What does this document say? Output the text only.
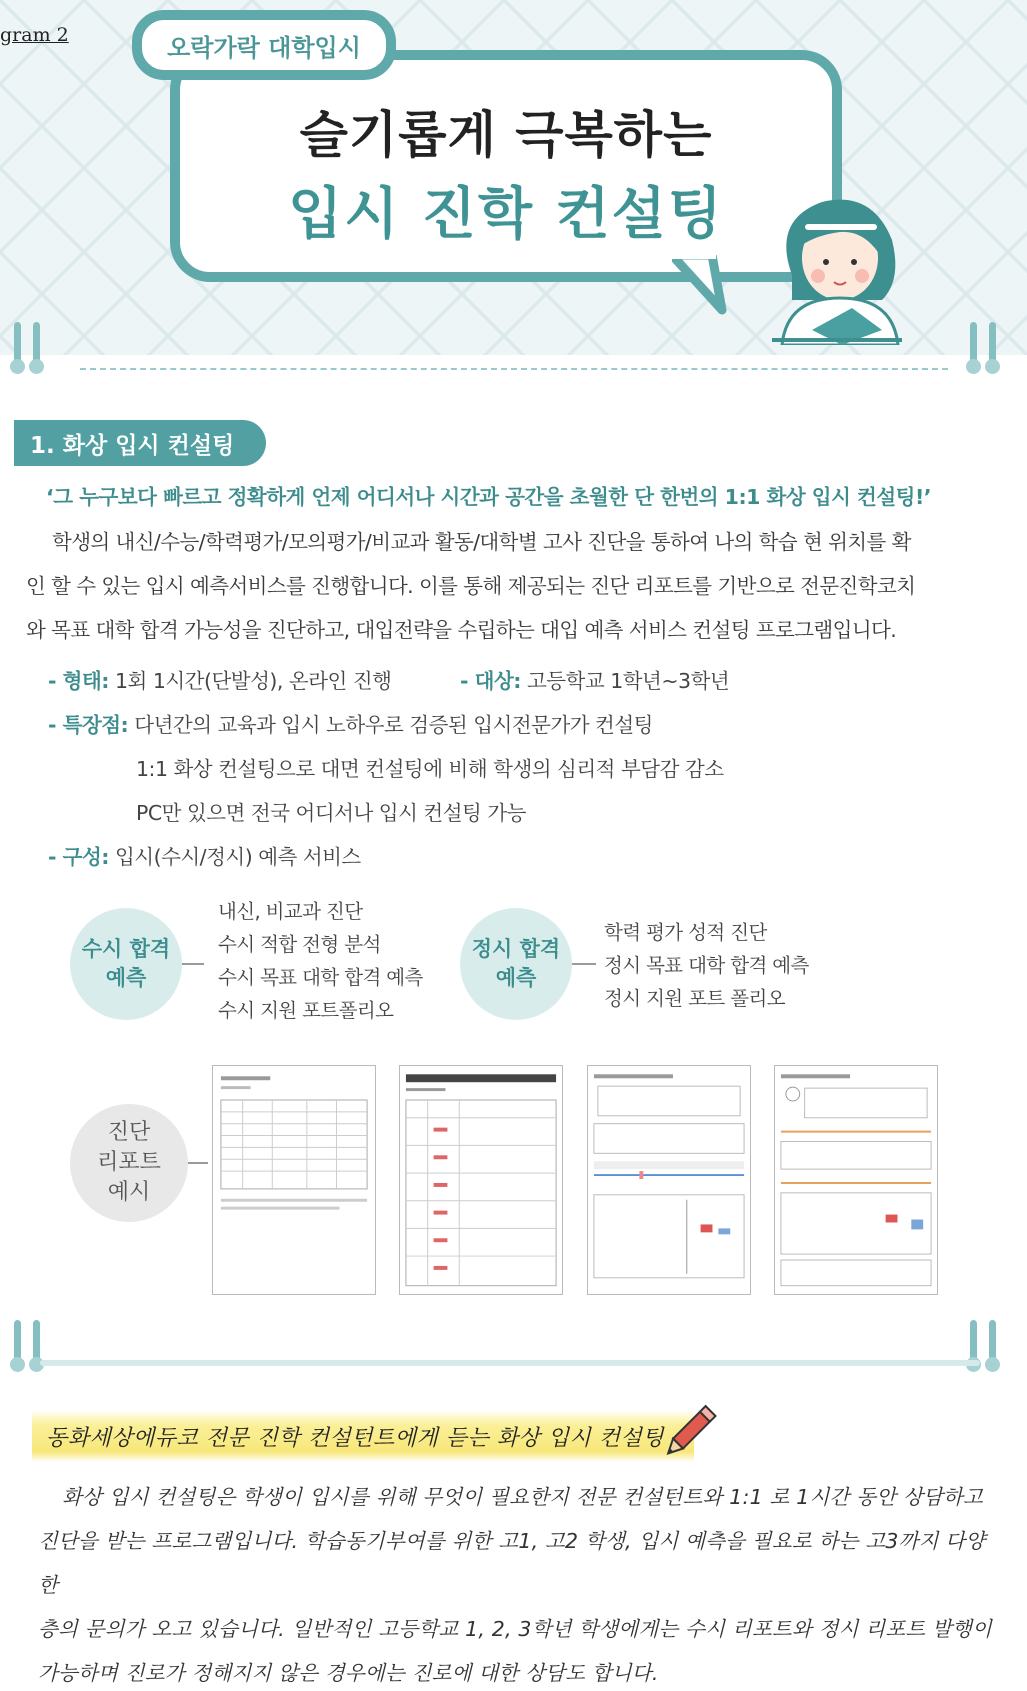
gram 2	오락가락 대학입시
슬기롭게 극복하는
입시 진학 컨설팅
1. 화상 입시 컨설팅
‘그 누구보다 빠르고 정확하게 언제 어디서나 시간과 공간을 초월한 단 한번의 1:1 화상 입시 컨설팅!’
학생의 내신/수능/학력평가/모의평가/비교과 활동/대학별 고사 진단을 통하여 나의 학습 현 위치를 확
인 할 수 있는 입시 예측서비스를 진행합니다. 이를 통해 제공되는 진단 리포트를 기반으로 전문진학코치
와 목표 대학 합격 가능성을 진단하고, 대입전략을 수립하는 대입 예측 서비스 컨설팅 프로그램입니다.
- 형태: 1회 1시간(단발성), 온라인 진행	- 대상: 고등학교 1학년~3학년
- 특장점: 다년간의 교육과 입시 노하우로 검증된 입시전문가가 컨설팅
1:1 화상 컨설팅으로 대면 컨설팅에 비해 학생의 심리적 부담감 감소
PC만 있으면 전국 어디서나 입시 컨설팅 가능
- 구성: 입시(수시/정시) 예측 서비스
수시 합격
예측
내신, 비교과 진단
수시 적합 전형 분석
수시 목표 대학 합격 예측
수시 지원 포트폴리오
정시 합격
예측
학력 평가 성적 진단
정시 목표 대학 합격 예측
정시 지원 포트 폴리오
진단
리포트
예시
동화세상에듀코 전문 진학 컨설턴트에게 듣는 화상 입시 컨설팅
화상 입시 컨설팅은 학생이 입시를 위해 무엇이 필요한지 전문 컨설턴트와 1:1 로 1시간 동안 상담하고
진단을 받는 프로그램입니다. 학습동기부여를 위한 고1, 고2 학생, 입시 예측을 필요로 하는 고3까지 다양한
층의 문의가 오고 있습니다. 일반적인 고등학교 1, 2, 3학년 학생에게는 수시 리포트와 정시 리포트 발행이
가능하며 진로가 정해지지 않은 경우에는 진로에 대한 상담도 합니다.
